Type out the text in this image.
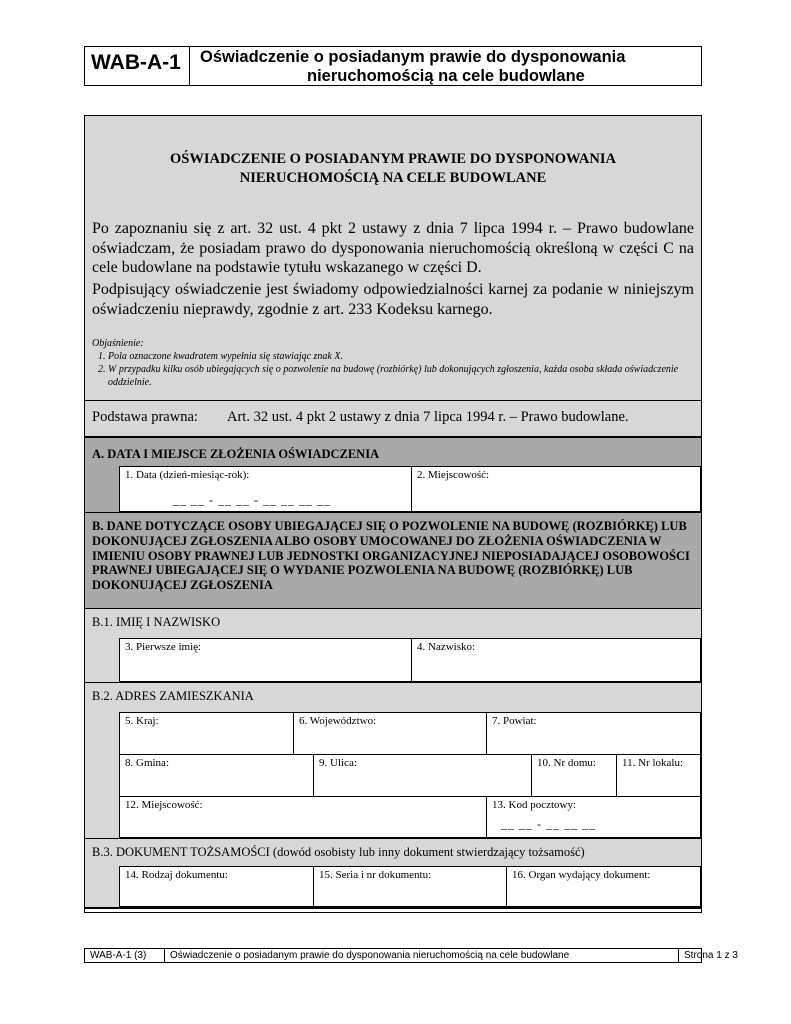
WAB-A-1	Oświadczenie o posiadanym prawie do dysponowania
nieruchomością na cele budowlane
OŚWIADCZENIE O POSIADANYM PRAWIE DO DYSPONOWANIA
NIERUCHOMOŚCIĄ NA CELE BUDOWLANE
Po zapoznaniu się z art. 32 ust. 4 pkt 2 ustawy z dnia 7 lipca 1994 r. – Prawo budowlane oświadczam, że posiadam prawo do dysponowania nieruchomością określoną w części C na cele budowlane na podstawie tytułu wskazanego w części D.
Podpisujący oświadczenie jest świadomy odpowiedzialności karnej za podanie w niniejszym oświadczeniu nieprawdy, zgodnie z art. 233 Kodeksu karnego.
Objaśnienie:
1. Pola oznaczone kwadratem wypełnia się stawiając znak X.
2. W przypadku kilku osób ubiegających się o pozwolenie na budowę (rozbiórkę) lub dokonujących zgłoszenia, każda osoba składa oświadczenie oddzielnie.
Podstawa prawna: Art. 32 ust. 4 pkt 2 ustawy z dnia 7 lipca 1994 r. – Prawo budowlane.
A. DATA I MIEJSCE ZŁOŻENIA OŚWIADCZENIA
1. Data (dzień-miesiąc-rok):
__ __ - __ __ - __ __ __ __
2. Miejscowość:
B. DANE DOTYCZĄCE OSOBY UBIEGAJĄCEJ SIĘ O POZWOLENIE NA BUDOWĘ (ROZBIÓRKĘ) LUB DOKONUJĄCEJ ZGŁOSZENIA ALBO OSOBY UMOCOWANEJ DO ZŁOŻENIA OŚWIADCZENIA W IMIENIU OSOBY PRAWNEJ LUB JEDNOSTKI ORGANIZACYJNEJ NIEPOSIADAJĄCEJ OSOBOWOŚCI PRAWNEJ UBIEGAJĄCEJ SIĘ O WYDANIE POZWOLENIA NA BUDOWĘ (ROZBIÓRKĘ) LUB DOKONUJĄCEJ ZGŁOSZENIA
B.1. IMIĘ I NAZWISKO
3. Pierwsze imię:	4. Nazwisko:
B.2. ADRES ZAMIESZKANIA
5. Kraj:	6. Województwo:	7. Powiat:
8. Gmina:	9. Ulica:	10. Nr domu:	11. Nr lokalu:
12. Miejscowość:	13. Kod pocztowy:
__ __ - __ __ __
B.3. DOKUMENT TOŻSAMOŚCI (dowód osobisty lub inny dokument stwierdzający tożsamość)
14. Rodzaj dokumentu:	15. Seria i nr dokumentu:	16. Organ wydający dokument:
WAB-A-1 (3)	Oświadczenie o posiadanym prawie do dysponowania nieruchomością na cele budowlane	Strona 1 z 3
